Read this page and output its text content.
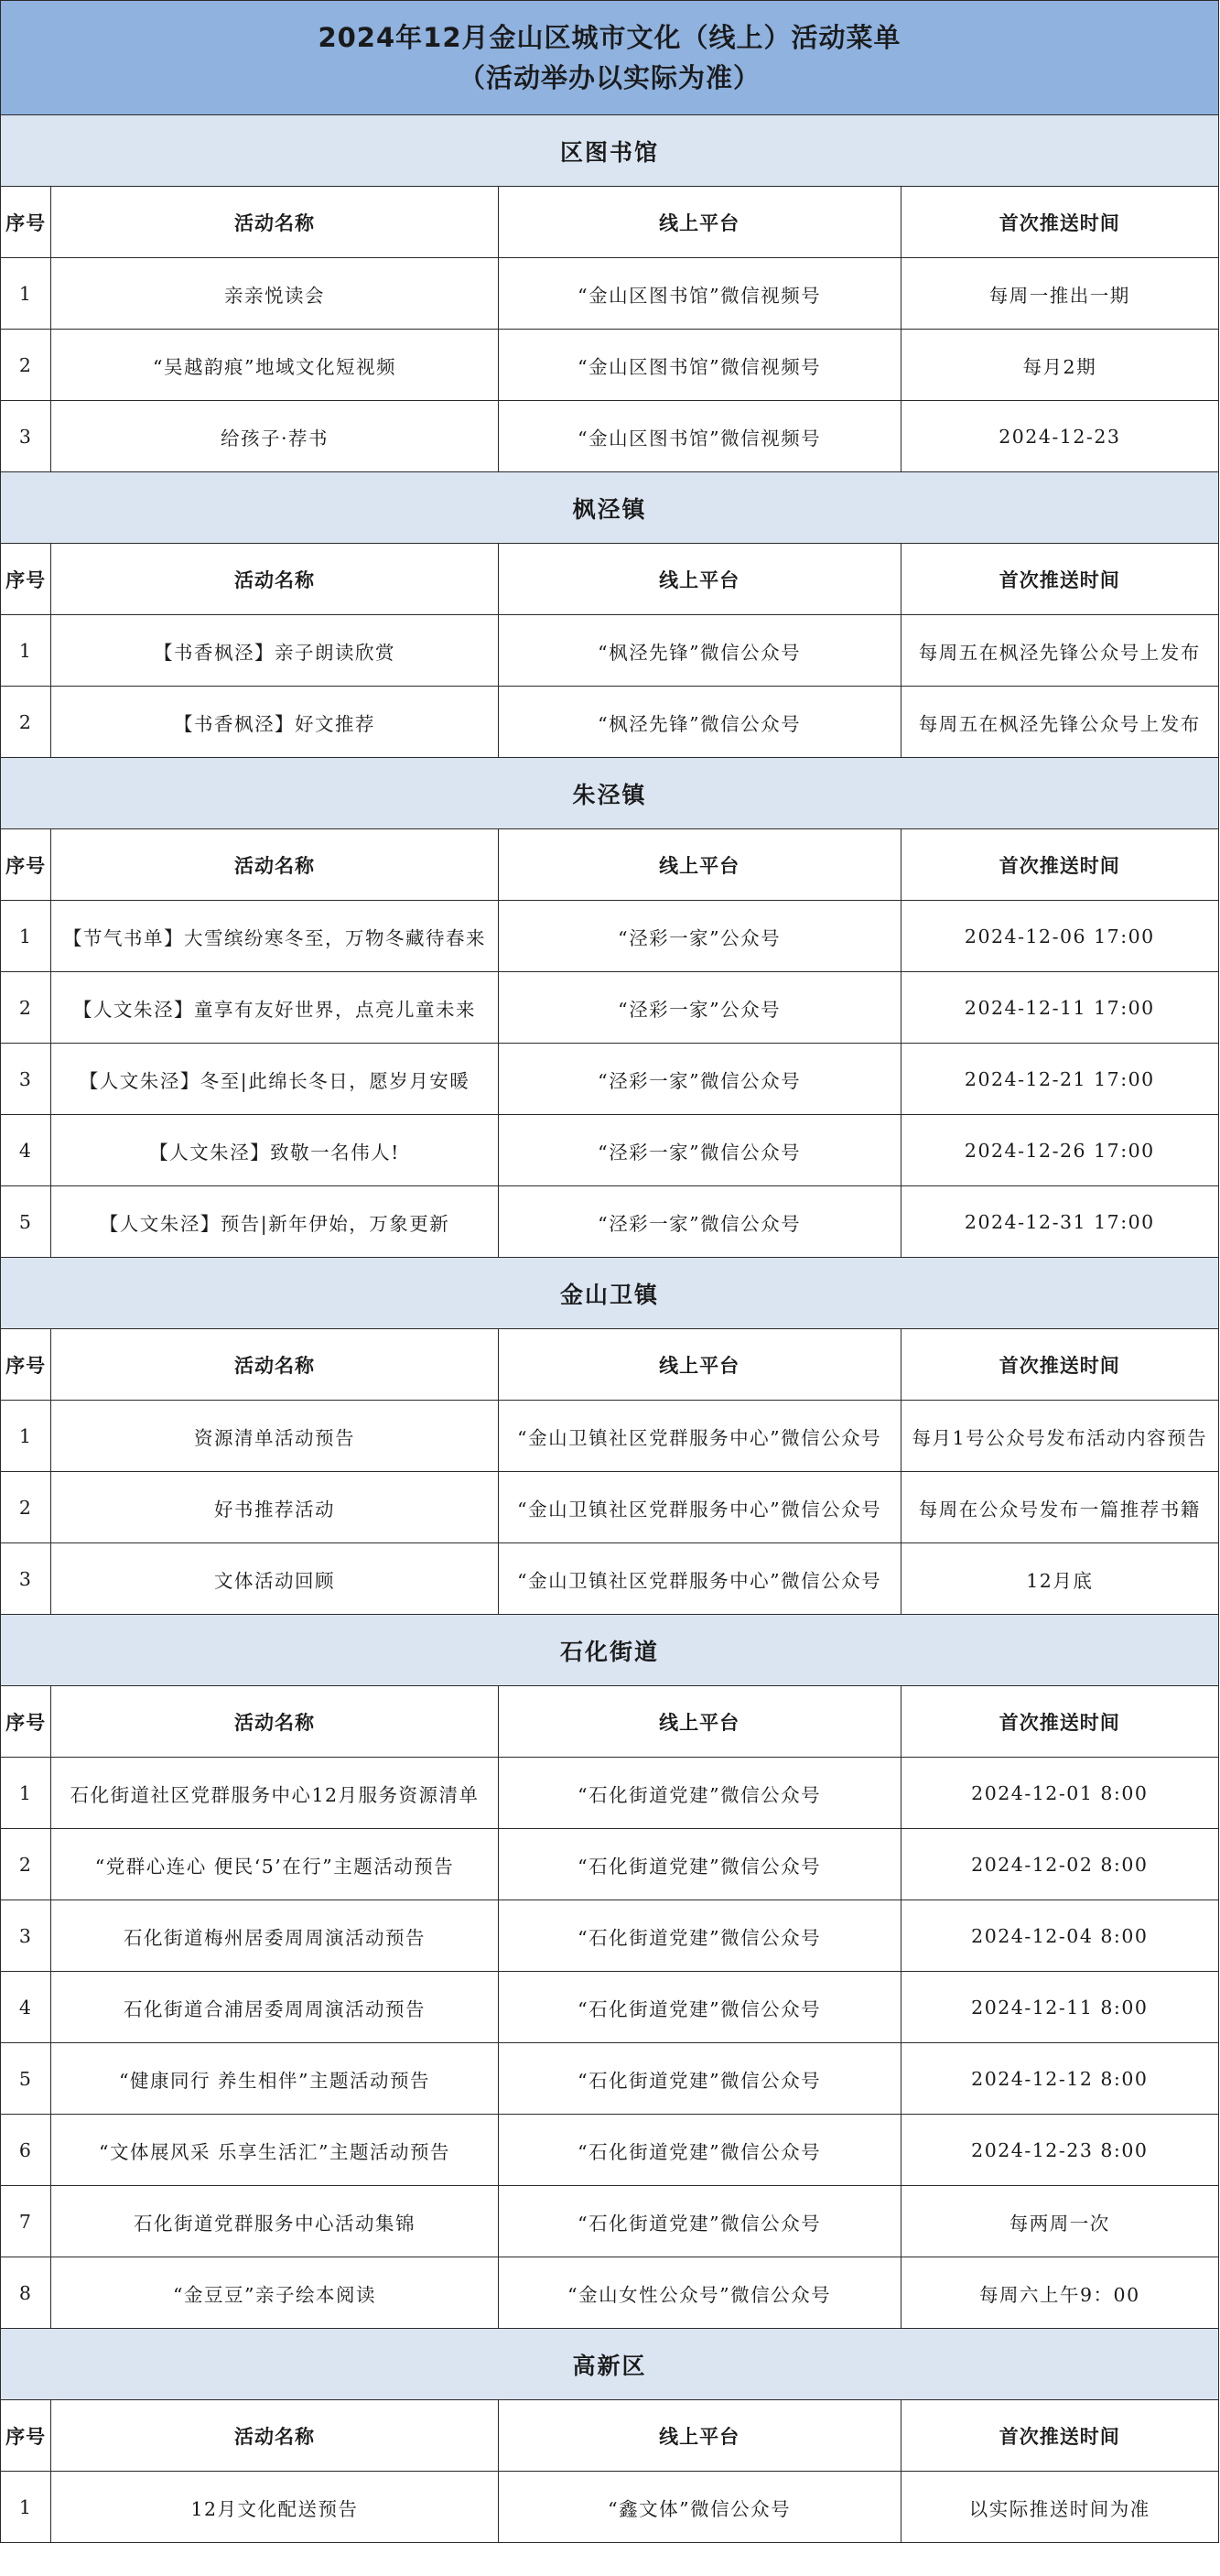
2024年12月金山区城市文化（线上）活动菜单
（活动举办以实际为准）			

区图书馆			
序号	活动名称	线上平台	首次推送时间
1	亲亲悦读会	“金山区图书馆”微信视频号	每周一推出一期
2	“吴越韵痕”地域文化短视频	“金山区图书馆”微信视频号	每月2期
3	给孩子·荐书	“金山区图书馆”微信视频号	2024-12-23
枫泾镇			
序号	活动名称	线上平台	首次推送时间
1	【书香枫泾】亲子朗读欣赏	“枫泾先锋”微信公众号	每周五在枫泾先锋公众号上发布
2	【书香枫泾】好文推荐	“枫泾先锋”微信公众号	每周五在枫泾先锋公众号上发布
朱泾镇			
序号	活动名称	线上平台	首次推送时间
1	【节气书单】大雪缤纷寒冬至，万物冬藏待春来	“泾彩一家”公众号	2024-12-06 17:00
2	【人文朱泾】童享有友好世界，点亮儿童未来	“泾彩一家”公众号	2024-12-11 17:00
3	【人文朱泾】冬至|此绵长冬日，愿岁月安暖	“泾彩一家”微信公众号	2024-12-21 17:00
4	【人文朱泾】致敬一名伟人!	“泾彩一家”微信公众号	2024-12-26 17:00
5	【人文朱泾】预告|新年伊始，万象更新	“泾彩一家”微信公众号	2024-12-31 17:00
金山卫镇			
序号	活动名称	线上平台	首次推送时间
1	资源清单活动预告	“金山卫镇社区党群服务中心”微信公众号	每月1号公众号发布活动内容预告
2	好书推荐活动	“金山卫镇社区党群服务中心”微信公众号	每周在公众号发布一篇推荐书籍
3	文体活动回顾	“金山卫镇社区党群服务中心”微信公众号	12月底
石化街道			
序号	活动名称	线上平台	首次推送时间
1	石化街道社区党群服务中心12月服务资源清单	“石化街道党建”微信公众号	2024-12-01 8:00
2	“党群心连心 便民‘5’在行”主题活动预告	“石化街道党建”微信公众号	2024-12-02 8:00
3	石化街道梅州居委周周演活动预告	“石化街道党建”微信公众号	2024-12-04 8:00
4	石化街道合浦居委周周演活动预告	“石化街道党建”微信公众号	2024-12-11 8:00
5	“健康同行 养生相伴”主题活动预告	“石化街道党建”微信公众号	2024-12-12 8:00
6	“文体展风采 乐享生活汇”主题活动预告	“石化街道党建”微信公众号	2024-12-23 8:00
7	石化街道党群服务中心活动集锦	“石化街道党建”微信公众号	每两周一次
8	“金豆豆”亲子绘本阅读	“金山女性公众号”微信公众号	每周六上午9：00
高新区			
序号	活动名称	线上平台	首次推送时间
1	12月文化配送预告	“鑫文体”微信公众号	以实际推送时间为准
